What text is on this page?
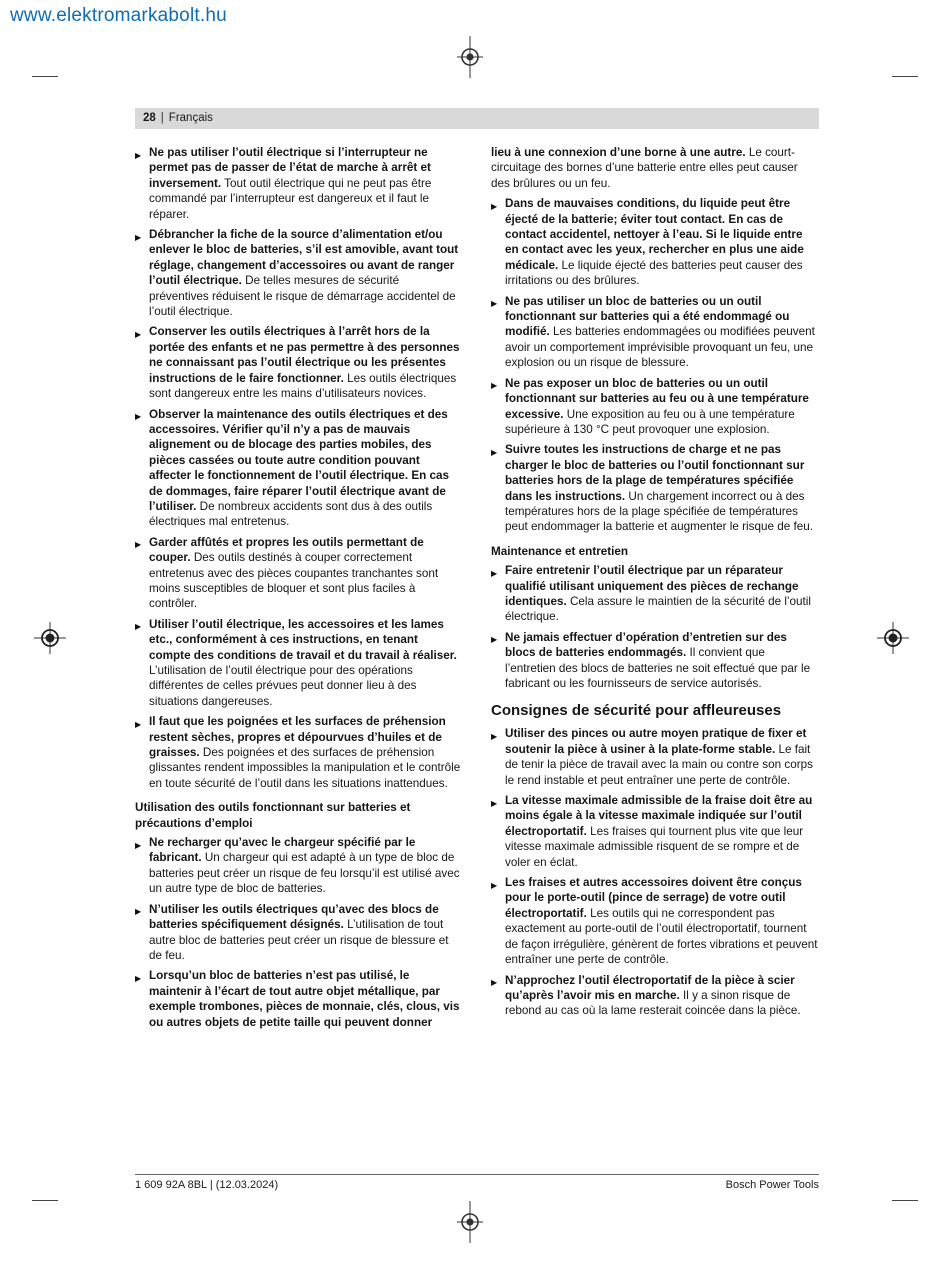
www.elektromarkabolt.hu
28 | Français
▶ Ne pas utiliser l’outil électrique si l’interrupteur ne permet pas de passer de l’état de marche à arrêt et inversement. Tout outil électrique qui ne peut pas être commandé par l’interrupteur est dangereux et il faut le réparer.
▶ Débrancher la fiche de la source d’alimentation et/ou enlever le bloc de batteries, s’il est amovible, avant tout réglage, changement d’accessoires ou avant de ranger l’outil électrique. De telles mesures de sécurité préventives réduisent le risque de démarrage accidentel de l’outil électrique.
▶ Conserver les outils électriques à l’arrêt hors de la portée des enfants et ne pas permettre à des personnes ne connaissant pas l’outil électrique ou les présentes instructions de le faire fonctionner. Les outils électriques sont dangereux entre les mains d’utilisateurs novices.
▶ Observer la maintenance des outils électriques et des accessoires. Vérifier qu’il n’y a pas de mauvais alignement ou de blocage des parties mobiles, des pièces cassées ou toute autre condition pouvant affecter le fonctionnement de l’outil électrique. En cas de dommages, faire réparer l’outil électrique avant de l’utiliser. De nombreux accidents sont dus à des outils électriques mal entretenus.
▶ Garder affûtés et propres les outils permettant de couper. Des outils destinés à couper correctement entretenus avec des pièces coupantes tranchantes sont moins susceptibles de bloquer et sont plus faciles à contrôler.
▶ Utiliser l’outil électrique, les accessoires et les lames etc., conformément à ces instructions, en tenant compte des conditions de travail et du travail à réaliser. L’utilisation de l’outil électrique pour des opérations différentes de celles prévues peut donner lieu à des situations dangereuses.
▶ Il faut que les poignées et les surfaces de préhension restent sèches, propres et dépourvues d’huiles et de graisses. Des poignées et des surfaces de préhension glissantes rendent impossibles la manipulation et le contrôle en toute sécurité de l’outil dans les situations inattendues.
Utilisation des outils fonctionnant sur batteries et précautions d’emploi
▶ Ne recharger qu’avec le chargeur spécifié par le fabricant. Un chargeur qui est adapté à un type de bloc de batteries peut créer un risque de feu lorsqu’il est utilisé avec un autre type de bloc de batteries.
▶ N’utiliser les outils électriques qu’avec des blocs de batteries spécifiquement désignés. L’utilisation de tout autre bloc de batteries peut créer un risque de blessure et de feu.
▶ Lorsqu’un bloc de batteries n’est pas utilisé, le maintenir à l’écart de tout autre objet métallique, par exemple trombones, pièces de monnaie, clés, clous, vis ou autres objets de petite taille qui peuvent donner
lieu à une connexion d’une borne à une autre. Le court-circuitage des bornes d’une batterie entre elles peut causer des brûlures ou un feu.
▶ Dans de mauvaises conditions, du liquide peut être éjecté de la batterie; éviter tout contact. En cas de contact accidentel, nettoyer à l’eau. Si le liquide entre en contact avec les yeux, rechercher en plus une aide médicale. Le liquide éjecté des batteries peut causer des irritations ou des brûlures.
▶ Ne pas utiliser un bloc de batteries ou un outil fonctionnant sur batteries qui a été endommagé ou modifié. Les batteries endommagées ou modifiées peuvent avoir un comportement imprévisible provoquant un feu, une explosion ou un risque de blessure.
▶ Ne pas exposer un bloc de batteries ou un outil fonctionnant sur batteries au feu ou à une température excessive. Une exposition au feu ou à une température supérieure à 130 °C peut provoquer une explosion.
▶ Suivre toutes les instructions de charge et ne pas charger le bloc de batteries ou l’outil fonctionnant sur batteries hors de la plage de températures spécifiée dans les instructions. Un chargement incorrect ou à des températures hors de la plage spécifiée de températures peut endommager la batterie et augmenter le risque de feu.
Maintenance et entretien
▶ Faire entretenir l’outil électrique par un réparateur qualifié utilisant uniquement des pièces de rechange identiques. Cela assure le maintien de la sécurité de l’outil électrique.
▶ Ne jamais effectuer d’opération d’entretien sur des blocs de batteries endommagés. Il convient que l’entretien des blocs de batteries ne soit effectué que par le fabricant ou les fournisseurs de service autorisés.
Consignes de sécurité pour affleureuses
▶ Utiliser des pinces ou autre moyen pratique de fixer et soutenir la pièce à usiner à la plate-forme stable. Le fait de tenir la pièce de travail avec la main ou contre son corps le rend instable et peut entraîner une perte de contrôle.
▶ La vitesse maximale admissible de la fraise doit être au moins égale à la vitesse maximale indiquée sur l’outil électroportatif. Les fraises qui tournent plus vite que leur vitesse maximale admissible risquent de se rompre et de voler en éclat.
▶ Les fraises et autres accessoires doivent être conçus pour le porte-outil (pince de serrage) de votre outil électroportatif. Les outils qui ne correspondent pas exactement au porte-outil de l’outil électroportatif, tournent de façon irrégulière, génèrent de fortes vibrations et peuvent entraîner une perte de contrôle.
▶ N’approchez l’outil électroportatif de la pièce à scier qu’après l’avoir mis en marche. Il y a sinon risque de rebond au cas où la lame resterait coincée dans la pièce.
1 609 92A 8BL | (12.03.2024)	Bosch Power Tools
